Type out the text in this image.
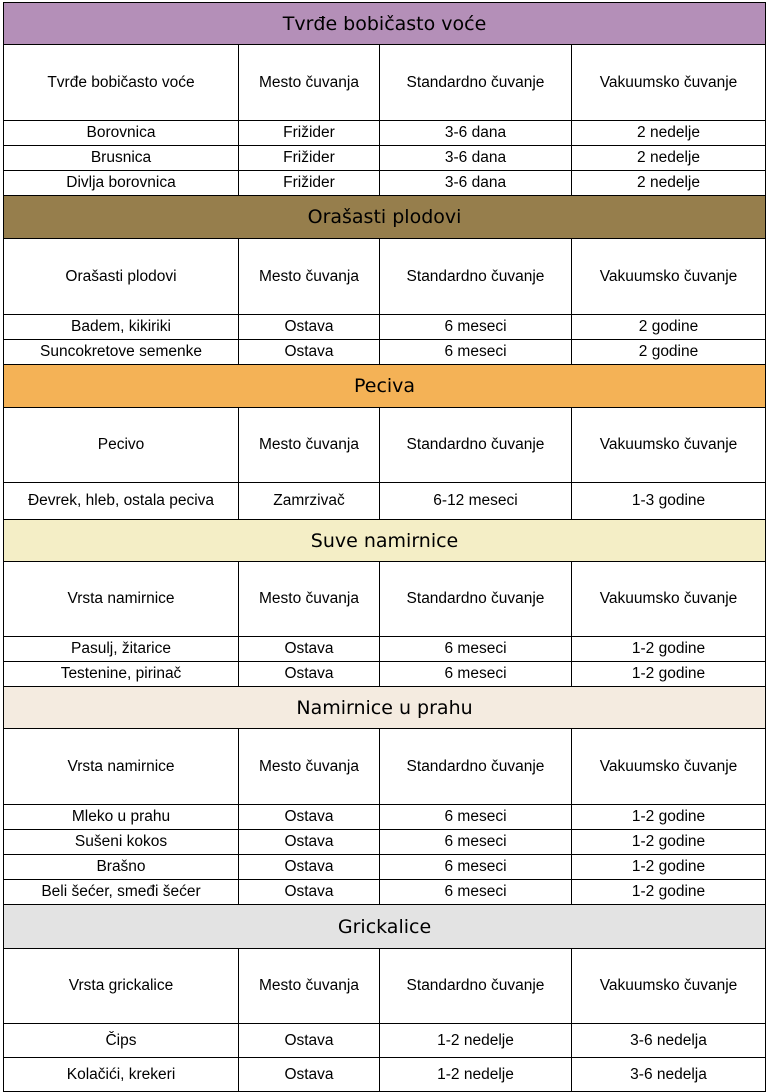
Tvrđe bobičasto voće			
Tvrđe bobičasto voće	Mesto čuvanja	Standardno čuvanje	Vakuumsko čuvanje
Borovnica	Frižider	3-6 dana	2 nedelje
Brusnica	Frižider	3-6 dana	2 nedelje
Divlja borovnica	Frižider	3-6 dana	2 nedelje
Orašasti plodovi			
Orašasti plodovi	Mesto čuvanja	Standardno čuvanje	Vakuumsko čuvanje
Badem, kikiriki	Ostava	6 meseci	2 godine
Suncokretove semenke	Ostava	6 meseci	2 godine
Peciva			
Pecivo	Mesto čuvanja	Standardno čuvanje	Vakuumsko čuvanje
Đevrek, hleb, ostala peciva	Zamrzivač	6-12 meseci	1-3 godine
Suve namirnice			
Vrsta namirnice	Mesto čuvanja	Standardno čuvanje	Vakuumsko čuvanje
Pasulj, žitarice	Ostava	6 meseci	1-2 godine
Testenine, pirinač	Ostava	6 meseci	1-2 godine
Namirnice u prahu			
Vrsta namirnice	Mesto čuvanja	Standardno čuvanje	Vakuumsko čuvanje
Mleko u prahu	Ostava	6 meseci	1-2 godine
Sušeni kokos	Ostava	6 meseci	1-2 godine
Brašno	Ostava	6 meseci	1-2 godine
Beli šećer, smeđi šećer	Ostava	6 meseci	1-2 godine
Grickalice			
Vrsta grickalice	Mesto čuvanja	Standardno čuvanje	Vakuumsko čuvanje
Čips	Ostava	1-2 nedelje	3-6 nedelja
Kolačići, krekeri	Ostava	1-2 nedelje	3-6 nedelja
